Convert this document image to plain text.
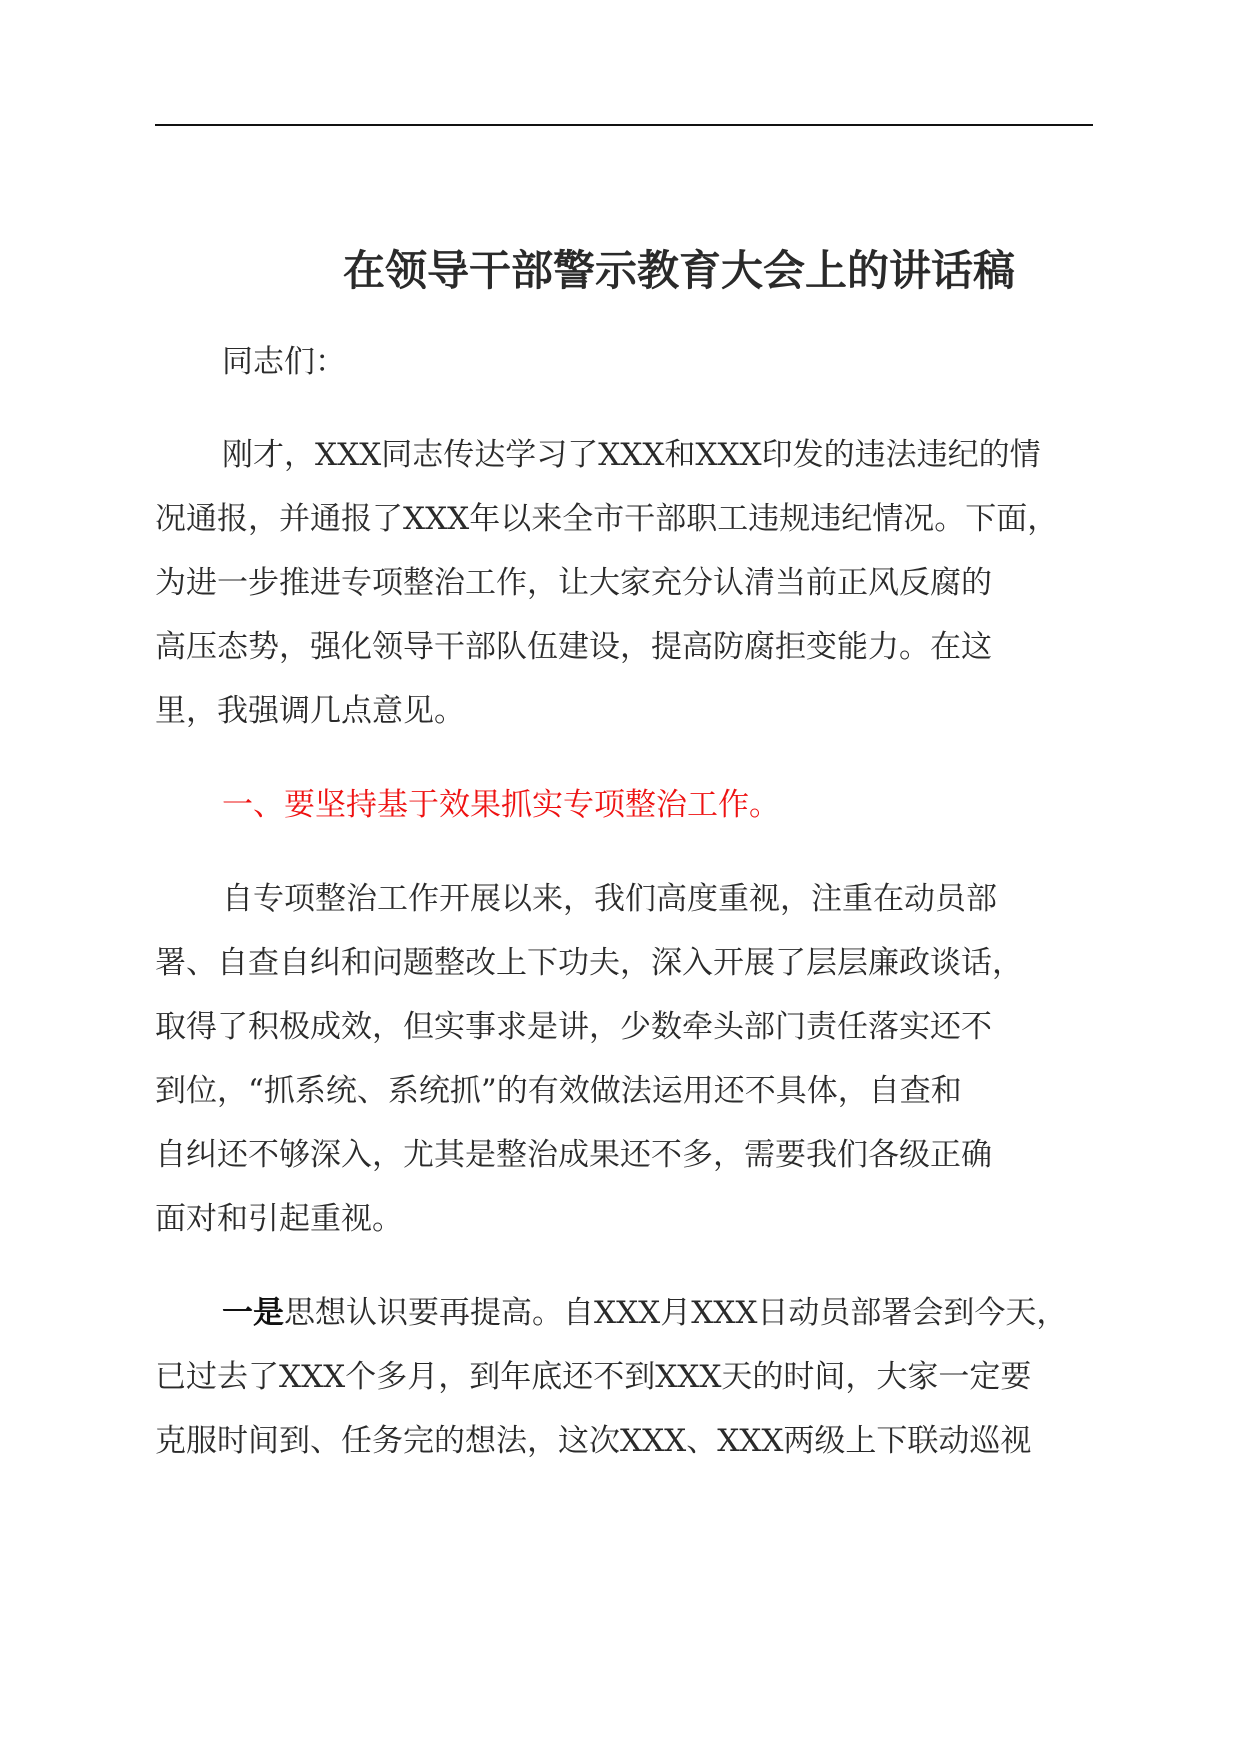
在领导干部警示教育大会上的讲话稿
同志们：
刚才，XXX同志传达学习了XXX和XXX印发的违法违纪的情
况通报，并通报了XXX年以来全市干部职工违规违纪情况。下面，
为进一步推进专项整治工作，让大家充分认清当前正风反腐的
高压态势，强化领导干部队伍建设，提高防腐拒变能力。在这
里，我强调几点意见。
一、要坚持基于效果抓实专项整治工作。
自专项整治工作开展以来，我们高度重视，注重在动员部
署、自查自纠和问题整改上下功夫，深入开展了层层廉政谈话，
取得了积极成效，但实事求是讲，少数牵头部门责任落实还不
到位，“抓系统、系统抓”的有效做法运用还不具体，自查和
自纠还不够深入，尤其是整治成果还不多，需要我们各级正确
面对和引起重视。
一是思想认识要再提高。自XXX月XXX日动员部署会到今天，
已过去了XXX个多月，到年底还不到XXX天的时间，大家一定要
克服时间到、任务完的想法，这次XXX、XXX两级上下联动巡视
